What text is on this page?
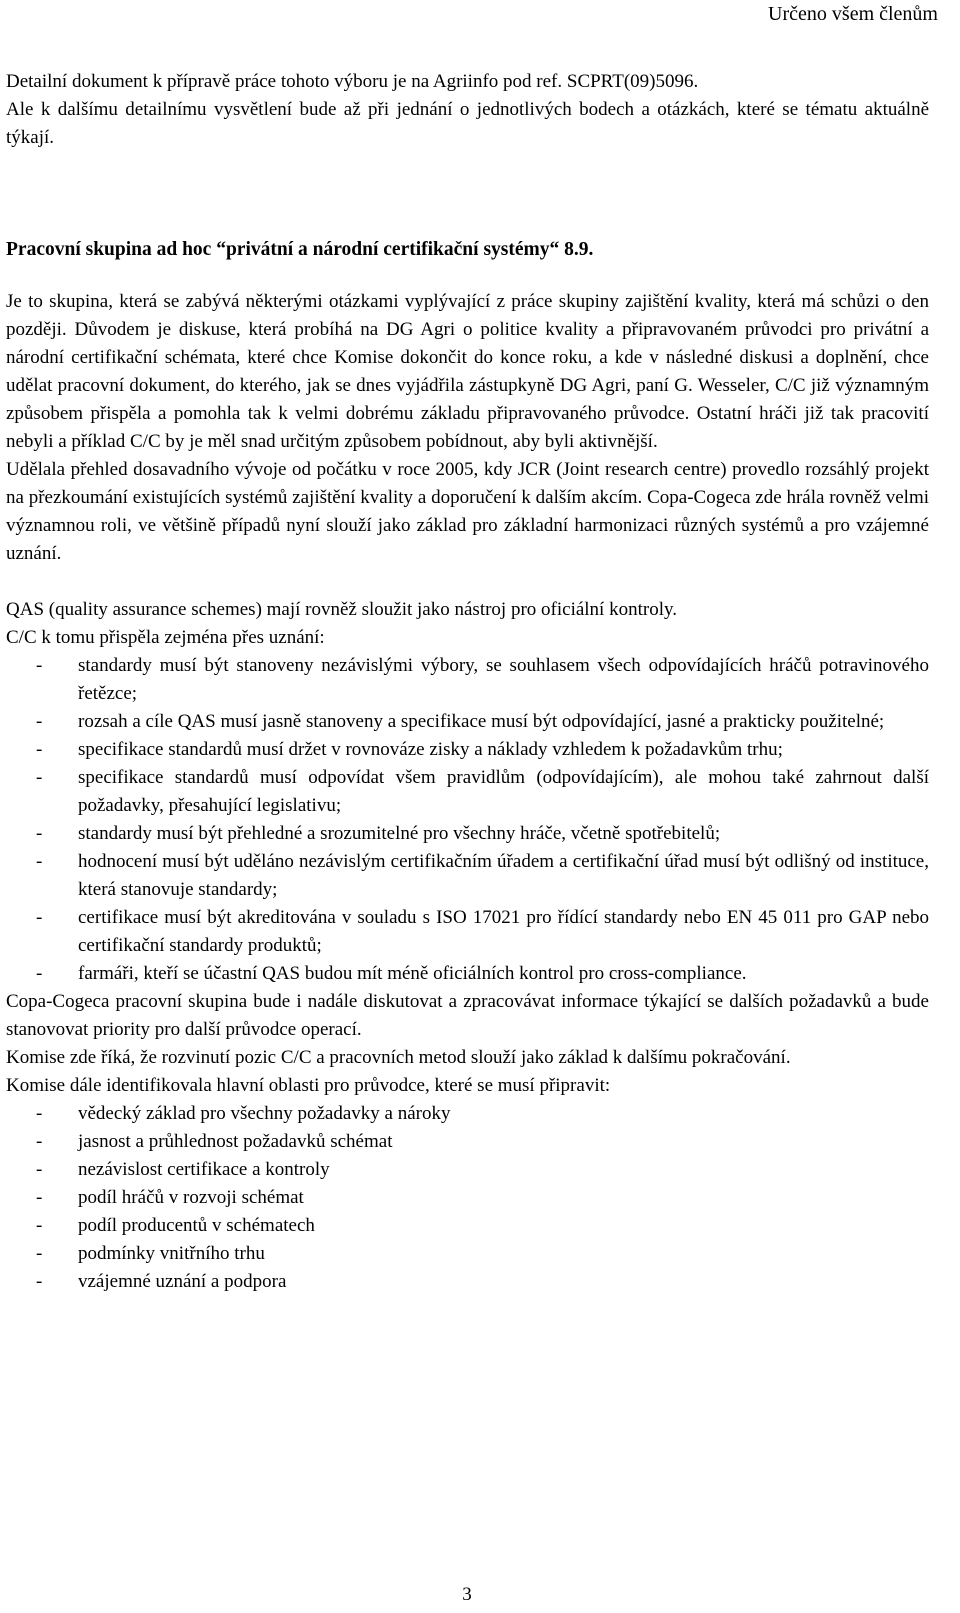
Určeno všem členům

Detailní dokument k přípravě práce tohoto výboru je na Agriinfo pod ref. SCPRT(09)5096.

Ale k dalšímu detailnímu vysvětlení bude až při jednání o jednotlivých bodech a otázkách, které se tématu aktuálně týkají.

Pracovní skupina ad hoc “privátní a národní certifikační systémy“ 8.9.

Je to skupina, která se zabývá některými otázkami vyplývající z práce skupiny zajištění kvality, která má schůzi o den později. Důvodem je diskuse, která probíhá na DG Agri o politice kvality a připravovaném průvodci pro privátní a národní certifikační schémata, které chce Komise dokončit do konce roku, a kde v následné diskusi a doplnění, chce udělat pracovní dokument, do kterého, jak se dnes vyjádřila zástupkyně DG Agri, paní G. Wesseler, C/C již významným způsobem přispěla a pomohla tak k velmi dobrému základu připravovaného průvodce. Ostatní hráči již tak pracovití nebyli a příklad C/C by je měl snad určitým způsobem pobídnout, aby byli aktivnější.

Udělala přehled dosavadního vývoje od počátku v roce 2005, kdy JCR (Joint research centre) provedlo rozsáhlý projekt na přezkoumání existujících systémů zajištění kvality a doporučení k dalším akcím. Copa-Cogeca zde hrála rovněž velmi významnou roli, ve většině případů nyní slouží jako základ pro základní harmonizaci různých systémů a pro vzájemné uznání.

QAS (quality assurance schemes) mají rovněž sloužit jako nástroj pro oficiální kontroly.

C/C k tomu přispěla zejména přes uznání:

- standardy musí být stanoveny nezávislými výbory, se souhlasem všech odpovídajících hráčů potravinového řetězce;
- rozsah a cíle QAS musí jasně stanoveny a specifikace musí být odpovídající, jasné a prakticky použitelné;
- specifikace standardů musí držet v rovnováze zisky a náklady vzhledem k požadavkům trhu;
- specifikace standardů musí odpovídat všem pravidlům (odpovídajícím), ale mohou také zahrnout další požadavky, přesahující legislativu;
- standardy musí být přehledné a srozumitelné pro všechny hráče, včetně spotřebitelů;
- hodnocení musí být uděláno nezávislým certifikačním úřadem a certifikační úřad musí být odlišný od instituce, která stanovuje standardy;
- certifikace musí být akreditována v souladu s ISO 17021 pro řídící standardy nebo EN 45 011 pro GAP nebo certifikační standardy produktů;
- farmáři, kteří se účastní QAS budou mít méně oficiálních kontrol pro cross-compliance.

Copa-Cogeca pracovní skupina bude i nadále diskutovat a zpracovávat informace týkající se dalších požadavků a bude stanovovat priority pro další průvodce operací.

Komise zde říká, že rozvinutí pozic C/C a pracovních metod slouží jako základ k dalšímu pokračování.

Komise dále identifikovala hlavní oblasti pro průvodce, které se musí připravit:

- vědecký základ pro všechny požadavky a nároky
- jasnost a průhlednost požadavků schémat
- nezávislost certifikace a kontroly
- podíl hráčů v rozvoji schémat
- podíl producentů v schématech
- podmínky vnitřního trhu
- vzájemné uznání a podpora
3
